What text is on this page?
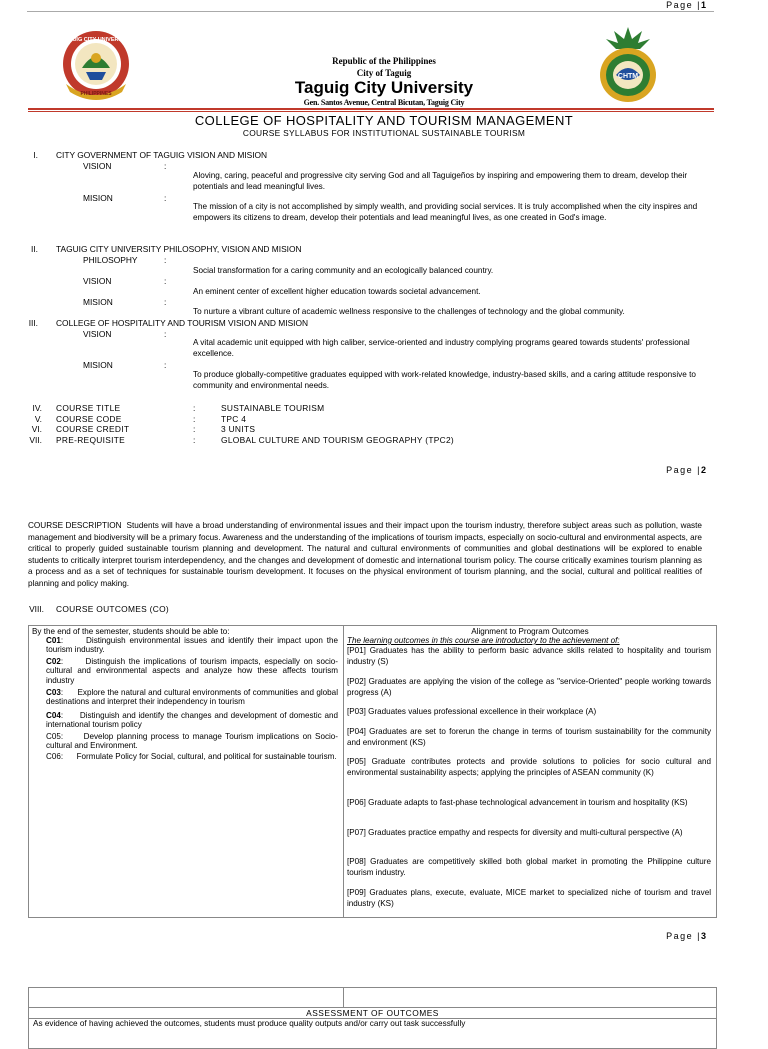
Page |1
TAGUIG CITY UNIVERSITY
PHILIPPINES
CHTM
Republic of the Philippines
City of Taguig
Taguig City University
Gen. Santos Avenue, Central Bicutan, Taguig City
COLLEGE OF HOSPITALITY AND TOURISM MANAGEMENT
COURSE SYLLABUS FOR INSTITUTIONAL SUSTAINABLE TOURISM
I. CITY GOVERNMENT OF TAGUIG VISION AND MISION
VISION	:
Aloving, caring, peaceful and progressive city serving God and all Taguigeños by inspiring and empowering them to dream, develop their potentials and lead meaningful lives.
MISION	:
The mission of a city is not accomplished by simply wealth, and providing social services. It is truly accomplished when the city inspires and empowers its citizens to dream, develop their potentials and lead meaningful lives, as one created in God's image.
II. TAGUIG CITY UNIVERSITY PHILOSOPHY, VISION AND MISION
PHILOSOPHY	:
Social transformation for a caring community and an ecologically balanced country.
VISION	:
An eminent center of excellent higher education towards societal advancement.
MISION	:
To nurture a vibrant culture of academic wellness responsive to the challenges of technology and the global community.
III. COLLEGE OF HOSPITALITY AND TOURISM VISION AND MISION
VISION	:
A vital academic unit equipped with high caliber, service-oriented and industry complying programs geared towards students' professional excellence.
MISION	:
To produce globally-competitive graduates equipped with work-related knowledge, industry-based skills, and a caring attitude responsive to community and environmental needs.
IV. COURSE TITLE	:	SUSTAINABLE TOURISM
V. COURSE CODE	:	TPC 4
VI. COURSE CREDIT	:	3 UNITS
VII. PRE-REQUISITE	:	GLOBAL CULTURE AND TOURISM GEOGRAPHY (TPC2)
Page |2
COURSE DESCRIPTION Students will have a broad understanding of environmental issues and their impact upon the tourism industry, therefore subject areas such as pollution, waste management and biodiversity will be a primary focus. Awareness and the understanding of the implications of tourism impacts, especially on socio-cultural and environmental aspects, are critical to properly guided sustainable tourism planning and development. The natural and cultural environments of communities and global destinations will be explored to enable students to critically interpret tourism interdependency, and the changes and development of domestic and international tourism policy. The course critically examines tourism planning as a process and as a set of techniques for sustainable tourism development. It focuses on the physical environment of tourism planning, and the social, cultural and political realities of planning and policy making.
VIII. COURSE OUTCOMES (CO)
By the end of the semester, students should be able to:
C01:      Distinguish environmental issues and identify their impact upon the tourism industry.
C02:      Distinguish the implications of tourism impacts, especially on socio-cultural and environmental aspects and analyze how these affects tourism industry
C03:      Explore the natural and cultural environments of communities and global destinations and interpret their independency in tourism
C04:      Distinguish and identify the changes and development of domestic and international tourism policy
C05:      Develop planning process to manage Tourism implications on Socio-cultural and Environment.
C06:      Formulate Policy for Social, cultural, and political for sustainable tourism.
Alignment to Program Outcomes
The learning outcomes in this course are introductory to the achievement of:
[P01] Graduates has the ability to perform basic advance skills related to hospitality and tourism industry (S)
[P02] Graduates are applying the vision of the college as "service-Oriented" people working towards progress (A)
[P03] Graduates values professional excellence in their workplace (A)
[P04] Graduates are set to forerun the change in terms of tourism sustainability for the community and environment (KS)
[P05] Graduate contributes protects and provide solutions to policies for socio cultural and environmental sustainability aspects; applying the principles of ASEAN community (K)
[P06] Graduate adapts to fast-phase technological advancement in tourism and hospitality (KS)
[P07] Graduates practice empathy and respects for diversity and multi-cultural perspective (A)
[P08] Graduates are competitively skilled both global market in promoting the Philippine culture tourism industry.
[P09] Graduates plans, execute, evaluate, MICE market to specialized niche of tourism and travel industry (KS)
Page |3
ASSESSMENT OF OUTCOMES
As evidence of having achieved the outcomes, students must produce quality outputs and/or carry out task successfully
